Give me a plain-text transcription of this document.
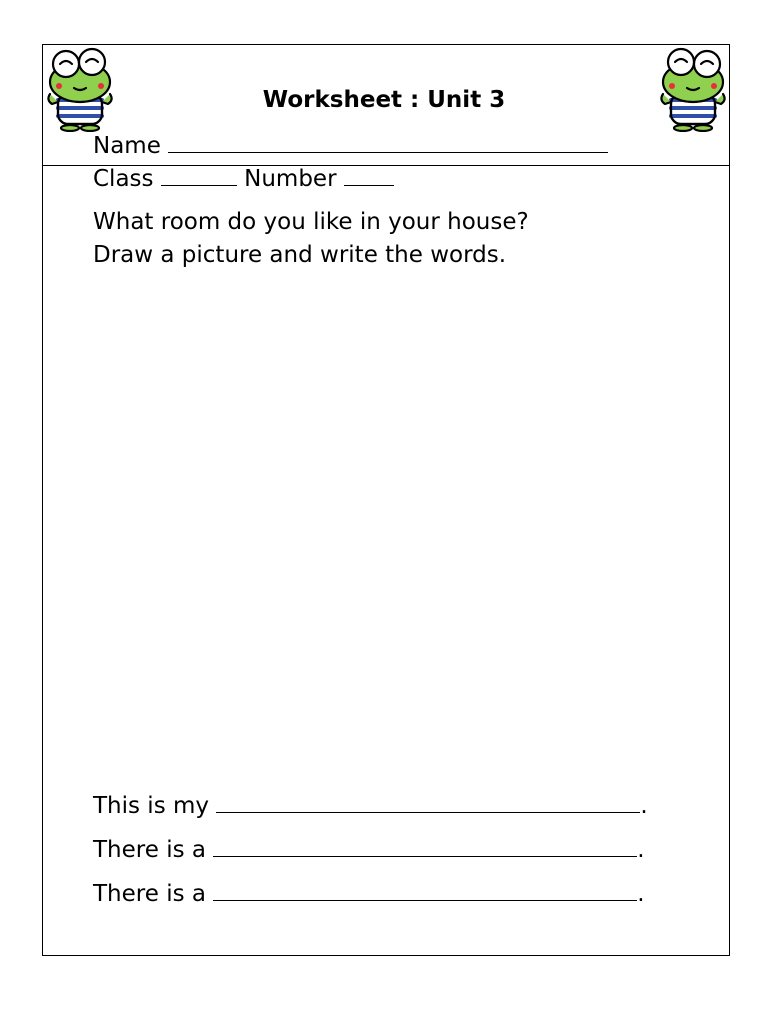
Worksheet : Unit 3
Name
Class	Number
What room do you like in your house?
Draw a picture and write the words.
This is my	.
There is a	.
There is a	.
